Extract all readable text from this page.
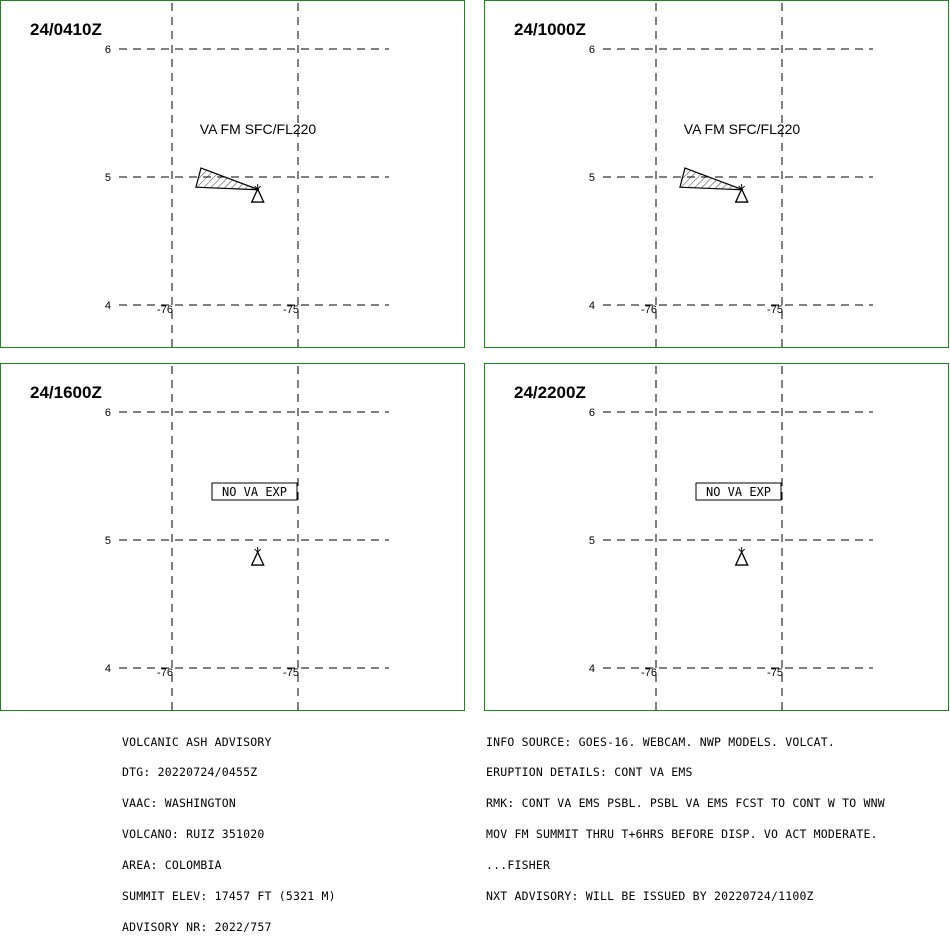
6
5
4	-76	-75
VA FM SFC/FL220
24/0410Z
6
5
4	-76	-75
VA FM SFC/FL220
24/1000Z
6
5
4	-76	-75
NO VA EXP
24/1600Z
6
5
4	-76	-75
NO VA EXP
24/2200Z

VOLCANIC ASH ADVISORY

DTG: 20220724/0455Z

VAAC: WASHINGTON

VOLCANO: RUIZ 351020

AREA: COLOMBIA

SUMMIT ELEV: 17457 FT (5321 M)

ADVISORY NR: 2022/757

INFO SOURCE: GOES-16. WEBCAM. NWP MODELS. VOLCAT.

ERUPTION DETAILS: CONT VA EMS

RMK: CONT VA EMS PSBL. PSBL VA EMS FCST TO CONT W TO WNW

MOV FM SUMMIT THRU T+6HRS BEFORE DISP. VO ACT MODERATE.

...FISHER

NXT ADVISORY: WILL BE ISSUED BY 20220724/1100Z
